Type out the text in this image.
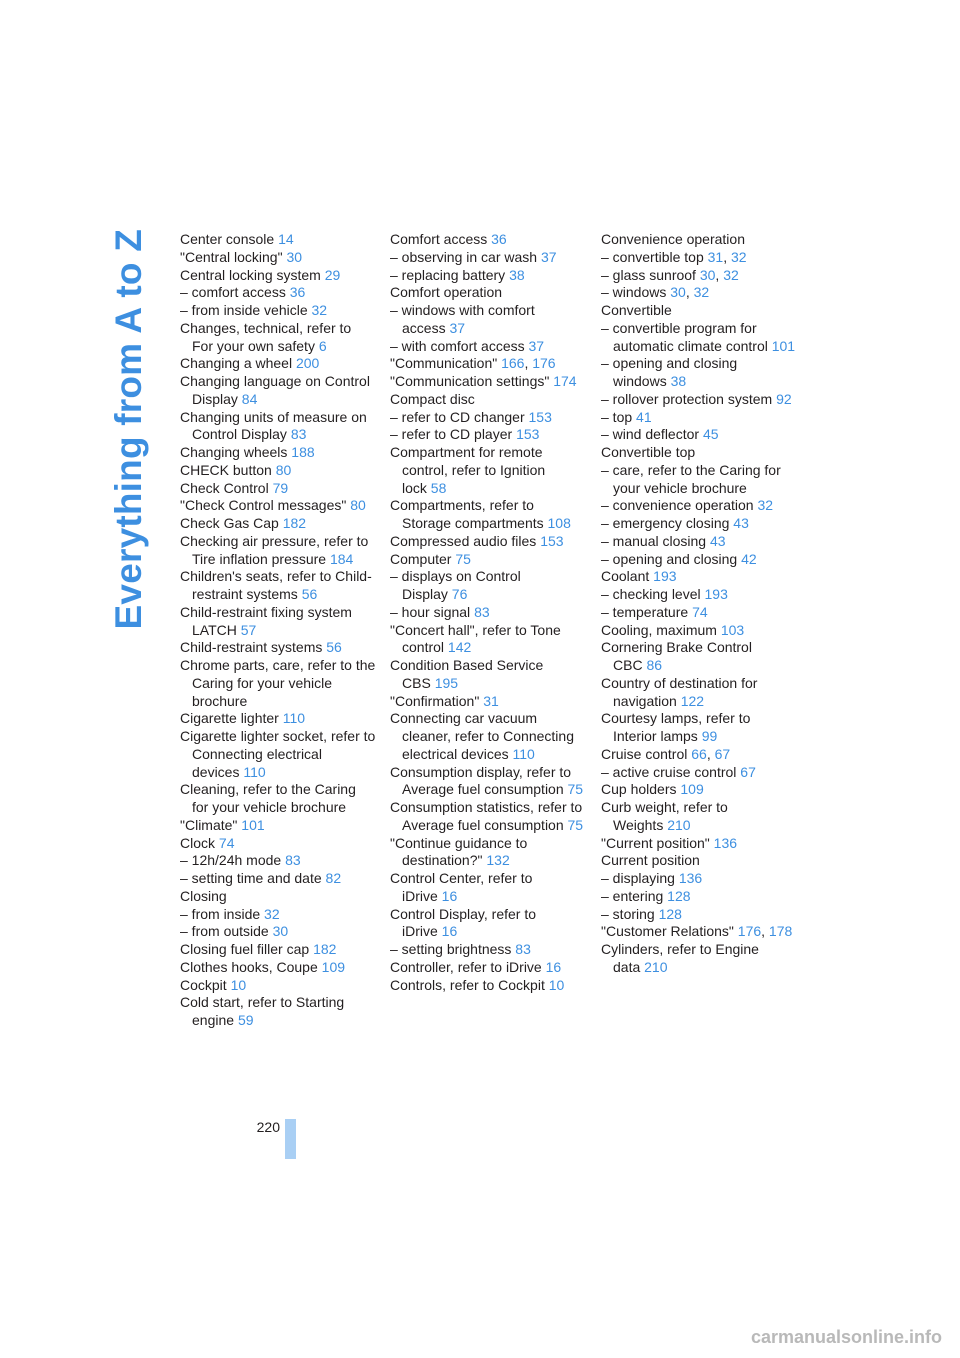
Everything from A to Z Center console 14

"Central locking" 30

Central locking system 29

– comfort access 36

– from inside vehicle 32

Changes, technical, refer to For your own safety 6

Changing a wheel 200

Changing language on Control Display 84

Changing units of measure on Control Display 83

Changing wheels 188

CHECK button 80

Check Control 79

"Check Control messages" 80

Check Gas Cap 182

Checking air pressure, refer to Tire inflation pressure 184

Children's seats, refer to Child-restraint systems 56

Child-restraint fixing system LATCH 57

Child-restraint systems 56

Chrome parts, care, refer to the Caring for your vehicle brochure

Cigarette lighter 110

Cigarette lighter socket, refer to Connecting electrical devices 110

Cleaning, refer to the Caring for your vehicle brochure

"Climate" 101

Clock 74

– 12h/24h mode 83

– setting time and date 82

Closing

– from inside 32

– from outside 30

Closing fuel filler cap 182

Clothes hooks, Coupe 109

Cockpit 10

Cold start, refer to Starting engine 59

Comfort access 36

– observing in car wash 37

– replacing battery 38

Comfort operation

– windows with comfort access 37

– with comfort access 37

"Communication" 166, 176

"Communication settings" 174

Compact disc

– refer to CD changer 153

– refer to CD player 153

Compartment for remote control, refer to Ignition lock 58

Compartments, refer to Storage compartments 108

Compressed audio files 153

Computer 75

– displays on Control Display 76

– hour signal 83

"Concert hall", refer to Tone control 142

Condition Based Service CBS 195

"Confirmation" 31

Connecting car vacuum cleaner, refer to Connecting electrical devices 110

Consumption display, refer to Average fuel consumption 75

Consumption statistics, refer to Average fuel consumption 75

"Continue guidance to destination?" 132

Control Center, refer to iDrive 16

Control Display, refer to iDrive 16

– setting brightness 83

Controller, refer to iDrive 16

Controls, refer to Cockpit 10

Convenience operation

– convertible top 31, 32

– glass sunroof 30, 32

– windows 30, 32

Convertible

– convertible program for automatic climate control 101

– opening and closing windows 38

– rollover protection system 92

– top 41

– wind deflector 45

Convertible top

– care, refer to the Caring for your vehicle brochure

– convenience operation 32

– emergency closing 43

– manual closing 43

– opening and closing 42

Coolant 193

– checking level 193

– temperature 74

Cooling, maximum 103

Cornering Brake Control CBC 86

Country of destination for navigation 122

Courtesy lamps, refer to Interior lamps 99

Cruise control 66, 67

– active cruise control 67

Cup holders 109

Curb weight, refer to Weights 210

"Current position" 136

Current position

– displaying 136

– entering 128

– storing 128

"Customer Relations" 176, 178

Cylinders, refer to Engine data 210

220
carmanualsonline.info
